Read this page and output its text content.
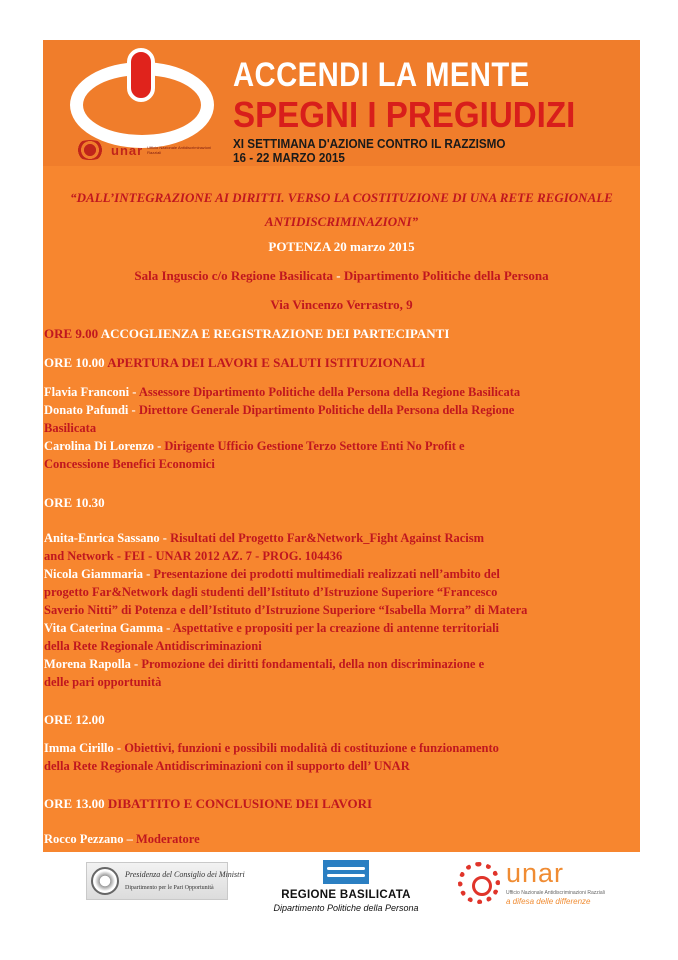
unar Ufficio Nazionale Antidiscriminazioni Razziali
ACCENDI LA MENTE
SPEGNI I PREGIUDIZI
XI SETTIMANA D'AZIONE CONTRO IL RAZZISMO
16 - 22 MARZO 2015
“DALL’INTEGRAZIONE AI DIRITTI. VERSO LA COSTITUZIONE DI UNA RETE REGIONALE
ANTIDISCRIMINAZIONI”
POTENZA 20 marzo 2015
Sala Inguscio c/o Regione Basilicata - Dipartimento Politiche della Persona
Via Vincenzo Verrastro, 9
ORE 9.00 ACCOGLIENZA E REGISTRAZIONE DEI PARTECIPANTI
ORE 10.00 APERTURA DEI LAVORI E SALUTI ISTITUZIONALI
Flavia Franconi - Assessore Dipartimento Politiche della Persona della Regione Basilicata
Donato Pafundi - Direttore Generale Dipartimento Politiche della Persona della Regione
Basilicata
Carolina Di Lorenzo - Dirigente Ufficio Gestione Terzo Settore Enti No Profit e
Concessione Benefici Economici
ORE 10.30
Anita-Enrica Sassano - Risultati del Progetto Far&Network_Fight Against Racism
and Network - FEI - UNAR 2012 AZ. 7 - PROG. 104436
Nicola Giammaria - Presentazione dei prodotti multimediali realizzati nell’ambito del
progetto Far&Network dagli studenti dell’Istituto d’Istruzione Superiore “Francesco
Saverio Nitti” di Potenza e dell’Istituto d’Istruzione Superiore “Isabella Morra” di Matera
Vita Caterina Gamma - Aspettative e propositi per la creazione di antenne territoriali
della Rete Regionale Antidiscriminazioni
Morena Rapolla - Promozione dei diritti fondamentali, della non discriminazione e
delle pari opportunità
ORE 12.00
Imma Cirillo - Obiettivi, funzioni e possibili modalità di costituzione e funzionamento
della Rete Regionale Antidiscriminazioni con il supporto dell’ UNAR
ORE 13.00 DIBATTITO E CONCLUSIONE DEI LAVORI
Rocco Pezzano – Moderatore
Presidenza del Consiglio dei Ministri
Dipartimento per le Pari Opportunità
REGIONE BASILICATA
Dipartimento Politiche della Persona
unar
Ufficio Nazionale Antidiscriminazioni Razziali
a difesa delle differenze
